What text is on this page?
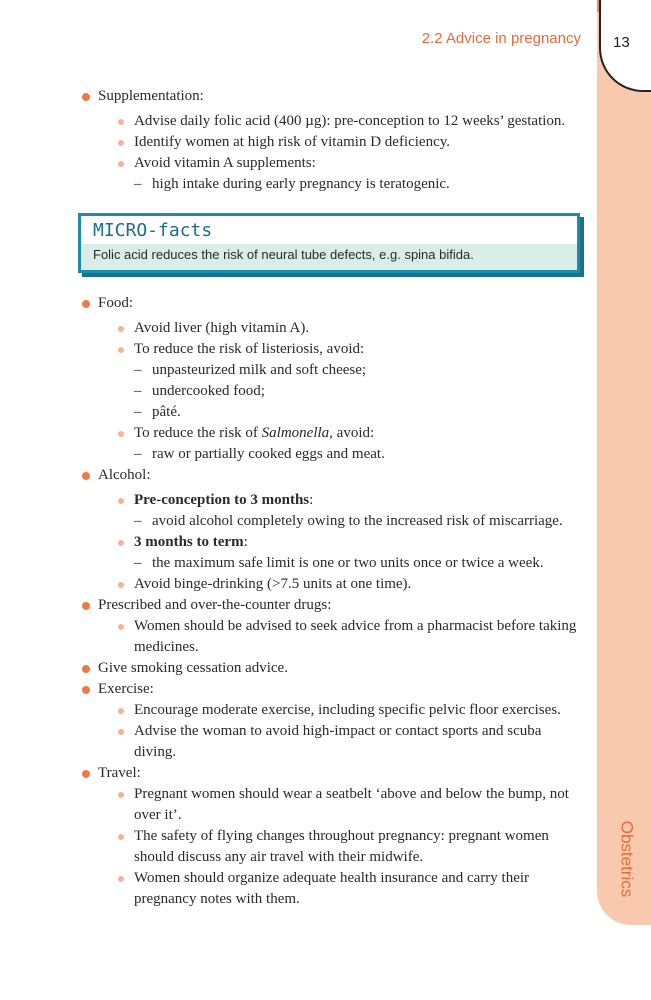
13
2.2 Advice in pregnancy
Obstetrics
Supplementation:
Advise daily folic acid (400 µg): pre-conception to 12 weeks’ gestation.
Identify women at high risk of vitamin D deficiency.
Avoid vitamin A supplements:
– high intake during early pregnancy is teratogenic.
MICRO-facts
Folic acid reduces the risk of neural tube defects, e.g. spina bifida.
Food:
Avoid liver (high vitamin A).
To reduce the risk of listeriosis, avoid:
– unpasteurized milk and soft cheese;
– undercooked food;
– pâté.
To reduce the risk of Salmonella, avoid:
– raw or partially cooked eggs and meat.
Alcohol:
Pre-conception to 3 months:
– avoid alcohol completely owing to the increased risk of miscarriage.
3 months to term:
– the maximum safe limit is one or two units once or twice a week.
Avoid binge-drinking (>7.5 units at one time).
Prescribed and over-the-counter drugs:
Women should be advised to seek advice from a pharmacist before taking medicines.
Give smoking cessation advice.
Exercise:
Encourage moderate exercise, including specific pelvic floor exercises.
Advise the woman to avoid high-impact or contact sports and scuba diving.
Travel:
Pregnant women should wear a seatbelt ‘above and below the bump, not over it’.
The safety of flying changes throughout pregnancy: pregnant women should discuss any air travel with their midwife.
Women should organize adequate health insurance and carry their pregnancy notes with them.
